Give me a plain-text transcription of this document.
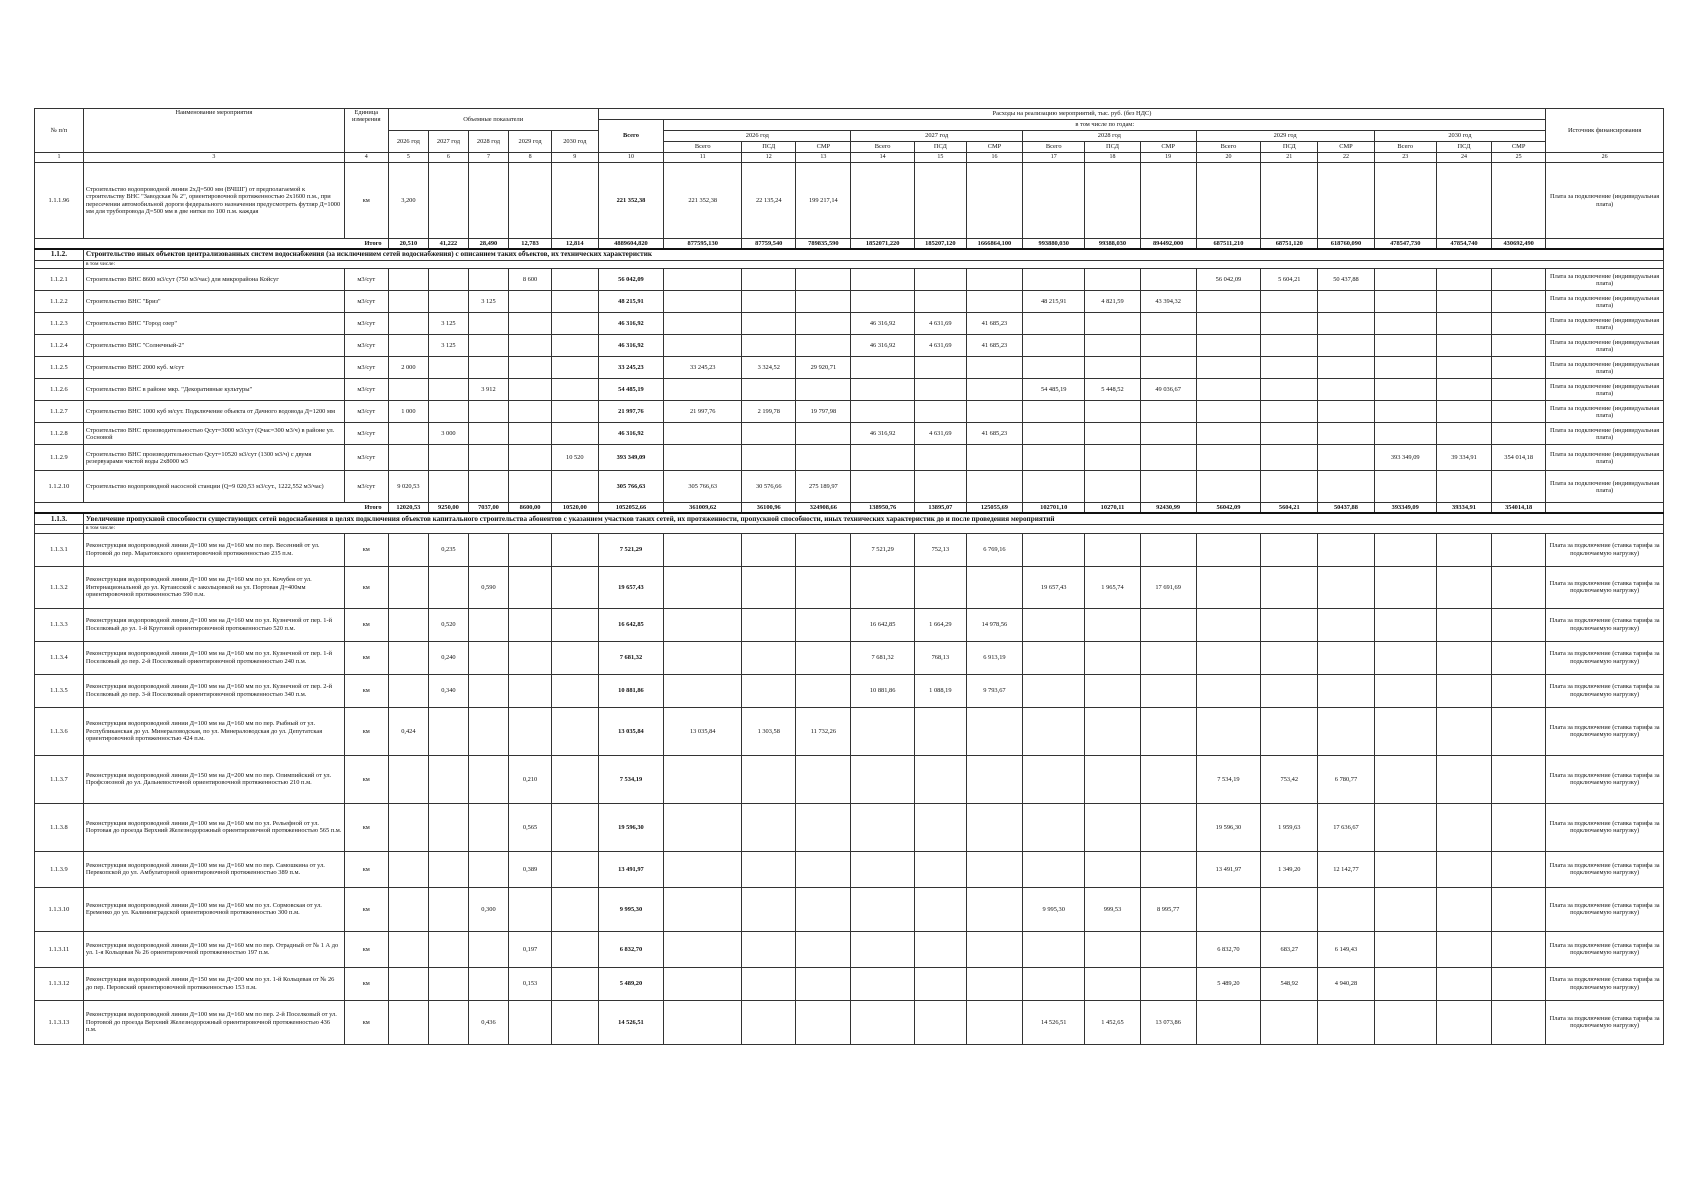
№ п/п	Наименование мероприятия	Единица измерения	Объемные показатели					Расходы на реализацию мероприятий, тыс. руб. (без НДС)																Источник финансирования
								Всего	в том числе по годам:															
			2026 год	2027 год	2028 год	2029 год	2030 год		2026 год			2027 год			2028 год			2029 год			2030 год			
									Всего	ПСД	СМР	Всего	ПСД	СМР	Всего	ПСД	СМР	Всего	ПСД	СМР	Всего	ПСД	СМР	
1	3	4	5	6	7	8	9	10	11	12	13	14	15	16	17	18	19	20	21	22	23	24	25	26
1.1.1.96	Строительство водопроводной линии 2хД=500 мм (ВЧШГ) от предполагаемой к строительству ВНС "Заводская № 2", ориентировочной протяженностью 2х1600 п.м., при пересечении автомобильной дороги федерального назначения предусмотреть футляр Д=1000 мм для трубопровода Д=500 мм в две нитки по 100 п.м. каждая	км	3,200					221 352,38	221 352,38	22 135,24	199 217,14													Плата за подключение (индивидуальная плата)
Итого			20,510	41,222	28,490	12,783	12,814	4889604,820	877595,130	87759,540	789835,590	1852071,220	185207,120	1666864,100	993880,030	99388,030	894492,000	687511,210	68751,120	618760,090	478547,730	47854,740	430692,490	
1.1.2.	Строительство иных объектов централизованных систем водоснабжения (за исключением сетей водоснабжения) с описанием таких объектов, их технических характеристик																							
	в том числе:																							
1.1.2.1	Строительство ВНС 8600 м3/сут (750 м3/час) для микрорайона Койсуг	м3/сут				8 600		56 042,09										56 042,09	5 604,21	50 437,88				Плата за подключение (индивидуальная плата)
1.1.2.2	Строительство ВНС "Бриз"	м3/сут			3 125			48 215,91							48 215,91	4 821,59	43 394,32							Плата за подключение (индивидуальная плата)
1.1.2.3	Строительство ВНС "Город озер"	м3/сут		3 125				46 316,92				46 316,92	4 631,69	41 685,23										Плата за подключение (индивидуальная плата)
1.1.2.4	Строительство ВНС "Солнечный-2"	м3/сут		3 125				46 316,92				46 316,92	4 631,69	41 685,23										Плата за подключение (индивидуальная плата)
1.1.2.5	Строительство ВНС 2000 куб. м/сут	м3/сут	2 000					33 245,23	33 245,23	3 324,52	29 920,71													Плата за подключение (индивидуальная плата)
1.1.2.6	Строительство ВНС в районе мкр. "Декоративные культуры"	м3/сут			3 912			54 485,19							54 485,19	5 448,52	49 036,67							Плата за подключение (индивидуальная плата)
1.1.2.7	Строительство ВНС 1000 куб м/сут. Подключение объекта от Дачного водовода Д=1200 мм	м3/сут	1 000					21 997,76	21 997,76	2 199,78	19 797,98													Плата за подключение (индивидуальная плата)
1.1.2.8	Строительство ВНС производительностью Qсут=3000 м3/сут (Qчас=300 м3/ч) в районе ул. Сосновой	м3/сут		3 000				46 316,92				46 316,92	4 631,69	41 685,23										Плата за подключение (индивидуальная плата)
1.1.2.9	Строительство ВНС производительностью Qсут=10520 м3/сут (1300 м3/ч) с двумя резервуарами чистой воды 2х8000 м3	м3/сут					10 520	393 349,09													393 349,09	39 334,91	354 014,18	Плата за подключение (индивидуальная плата)
1.1.2.10	Строительство водопроводной насосной станции (Q=9 020,53 м3/сут., 1222,552 м3/час)	м3/сут	9 020,53					305 766,63	305 766,63	30 576,66	275 189,97													Плата за подключение (индивидуальная плата)
Итого			12020,53	9250,00	7037,00	8600,00	10520,00	1052052,66	361009,62	36100,96	324908,66	138950,76	13895,07	125055,69	102701,10	10270,11	92430,99	56042,09	5604,21	50437,88	393349,09	39334,91	354014,18	
1.1.3.	Увеличение пропускной способности существующих сетей водоснабжения в целях подключения объектов капитального строительства абонентов с указанием участков таких сетей, их протяженности, пропускной способности, иных технических характеристик до и после проведения мероприятий																							
	в том числе:																							
1.1.3.1	Реконструкция водопроводной линии Д=100 мм на Д=160 мм по пер. Весенний от ул. Портовой до пер. Маратовского ориентировочной протяженностью 235 п.м.	км		0,235				7 521,29				7 521,29	752,13	6 769,16										Плата за подключение (ставка тарифа за подключаемую нагрузку)
1.1.3.2	Реконструкция водопроводной линии Д=100 мм на Д=160 мм по ул. Кочубея от ул. Интернациональной до ул. Кутаисской с закольцовкой на ул. Портовая Д=400мм ориентировочной протяженностью 590 п.м.	км			0,590			19 657,43							19 657,43	1 965,74	17 691,69							Плата за подключение (ставка тарифа за подключаемую нагрузку)
1.1.3.3	Реконструкция водопроводной линии Д=100 мм на Д=160 мм по ул. Кузнечной от пер. 1-й Поселковый до ул. 1-й Круговой ориентировочной протяженностью 520 п.м.	км		0,520				16 642,85				16 642,85	1 664,29	14 978,56										Плата за подключение (ставка тарифа за подключаемую нагрузку)
1.1.3.4	Реконструкция водопроводной линии Д=100 мм на Д=160 мм по ул. Кузнечной от пер. 1-й Поселковый до пер. 2-й Поселковый ориентировочной протяженностью 240 п.м.	км		0,240				7 681,32				7 681,32	768,13	6 913,19										Плата за подключение (ставка тарифа за подключаемую нагрузку)
1.1.3.5	Реконструкция водопроводной линии Д=100 мм на Д=160 мм по ул. Кузнечной от пер. 2-й Поселковый до пер. 3-й Поселковый ориентировочной протяженностью 340 п.м.	км		0,340				10 881,86				10 881,86	1 088,19	9 793,67										Плата за подключение (ставка тарифа за подключаемую нагрузку)
1.1.3.6	Реконструкция водопроводной линии Д=100 мм на Д=160 мм по пер. Рыбный от ул. Республиканская до ул. Минераловодская, по ул. Минераловодская до ул. Депутатская ориентировочной протяженностью 424 п.м.	км	0,424					13 035,84	13 035,84	1 303,58	11 732,26													Плата за подключение (ставка тарифа за подключаемую нагрузку)
1.1.3.7	Реконструкция водопроводной линии Д=150 мм на Д=200 мм по пер. Олимпийский от ул. Профсоюзной до ул. Дальневосточной ориентировочной протяженностью 210 п.м.	км				0,210		7 534,19										7 534,19	753,42	6 780,77				Плата за подключение (ставка тарифа за подключаемую нагрузку)
1.1.3.8	Реконструкция водопроводной линии Д=100 мм на Д=160 мм по ул. Рельефной от ул. Портовая до проезда Верхний Железнодорожный ориентировочной протяженностью 565 п.м.	км				0,565		19 596,30										19 596,30	1 959,63	17 636,67				Плата за подключение (ставка тарифа за подключаемую нагрузку)
1.1.3.9	Реконструкция водопроводной линии Д=100 мм на Д=160 мм по пер. Самошкина от ул. Перекопской до ул. Амбулаторной ориентировочной протяженностью 389 п.м.	км				0,389		13 491,97										13 491,97	1 349,20	12 142,77				Плата за подключение (ставка тарифа за подключаемую нагрузку)
1.1.3.10	Реконструкция водопроводной линии Д=100 мм на Д=160 мм по ул. Сормовская от ул. Еременко до ул. Калининградской ориентировочной протяженностью 300 п.м.	км			0,300			9 995,30							9 995,30	999,53	8 995,77							Плата за подключение (ставка тарифа за подключаемую нагрузку)
1.1.3.11	Реконструкция водопроводной линии Д=100 мм на Д=160 мм по пер. Отрадный от № 1 А до ул. 1-я Кольцевая № 26 ориентировочной протяженностью 197 п.м.	км				0,197		6 832,70										6 832,70	683,27	6 149,43				Плата за подключение (ставка тарифа за подключаемую нагрузку)
1.1.3.12	Реконструкция водопроводной линии Д=150 мм на Д=200 мм по ул. 1-й Кольцевая от № 26 до пер. Перовский ориентировочной протяженностью 153 п.м.	км				0,153		5 489,20										5 489,20	548,92	4 940,28				Плата за подключение (ставка тарифа за подключаемую нагрузку)
1.1.3.13	Реконструкция водопроводной линии Д=100 мм на Д=160 мм по пер. 2-й Поселковый от ул. Портовой до проезда Верхний Железнодорожный ориентировочной протяженностью 436 п.м.	км			0,436			14 526,51							14 526,51	1 452,65	13 073,86							Плата за подключение (ставка тарифа за подключаемую нагрузку)
